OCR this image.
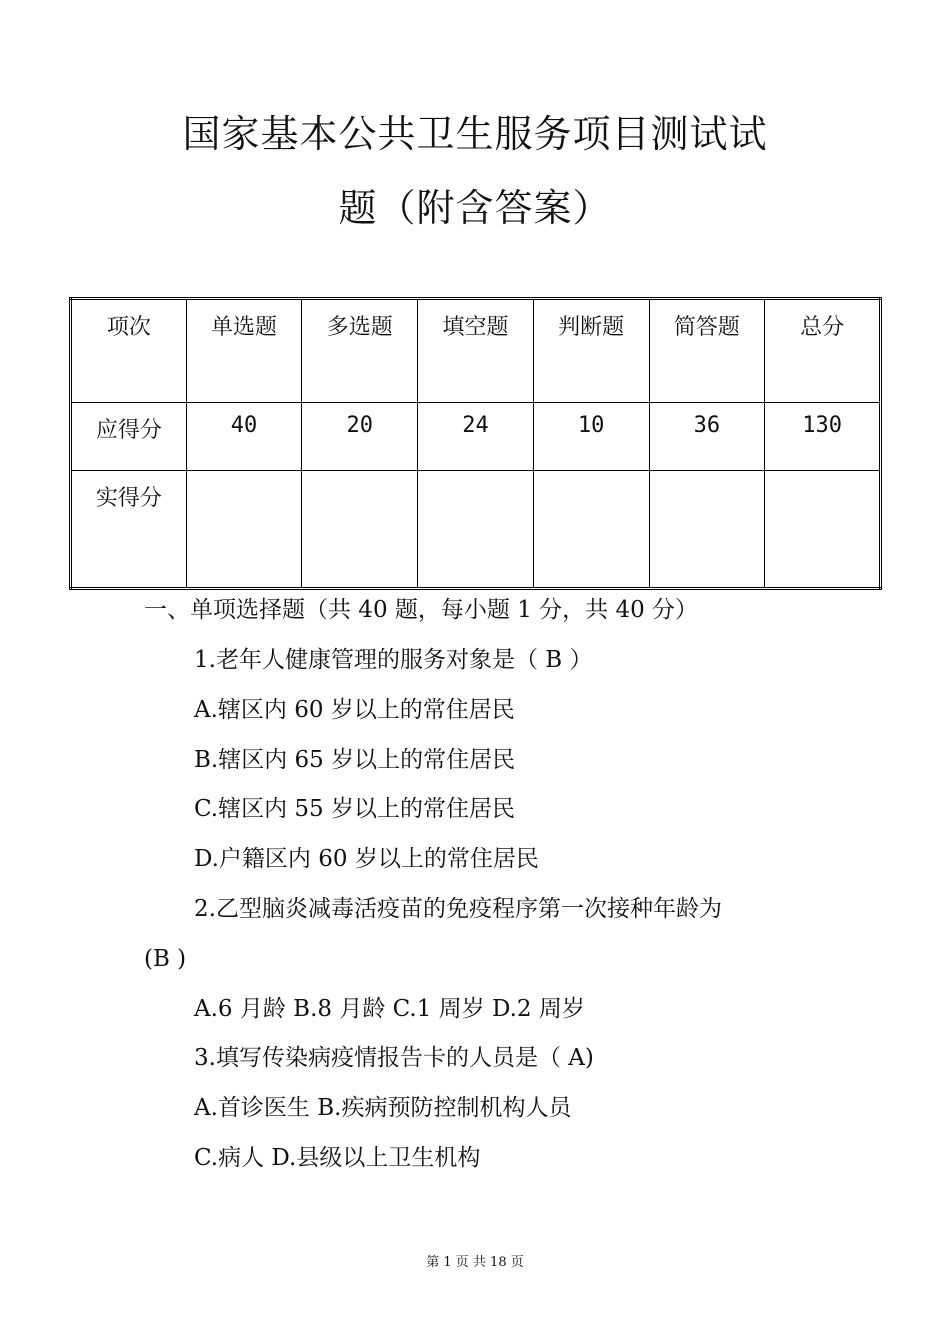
国家基本公共卫生服务项目测试试
题（附含答案）
项次	单选题	多选题	填空题	判断题	简答题	总分
应得分	40	20	24	10	36	130
实得分						
一、单项选择题（共 40 题，每小题 1 分，共 40 分）
1.老年人健康管理的服务对象是（ B ）
A.辖区内 60 岁以上的常住居民
B.辖区内 65 岁以上的常住居民
C.辖区内 55 岁以上的常住居民
D.户籍区内 60 岁以上的常住居民
2.乙型脑炎减毒活疫苗的免疫程序第一次接种年龄为
(B )
A.6 月龄 B.8 月龄 C.1 周岁 D.2 周岁
3.填写传染病疫情报告卡的人员是（ A)
A.首诊医生 B.疾病预防控制机构人员
C.病人 D.县级以上卫生机构
第 1 页 共 18 页
